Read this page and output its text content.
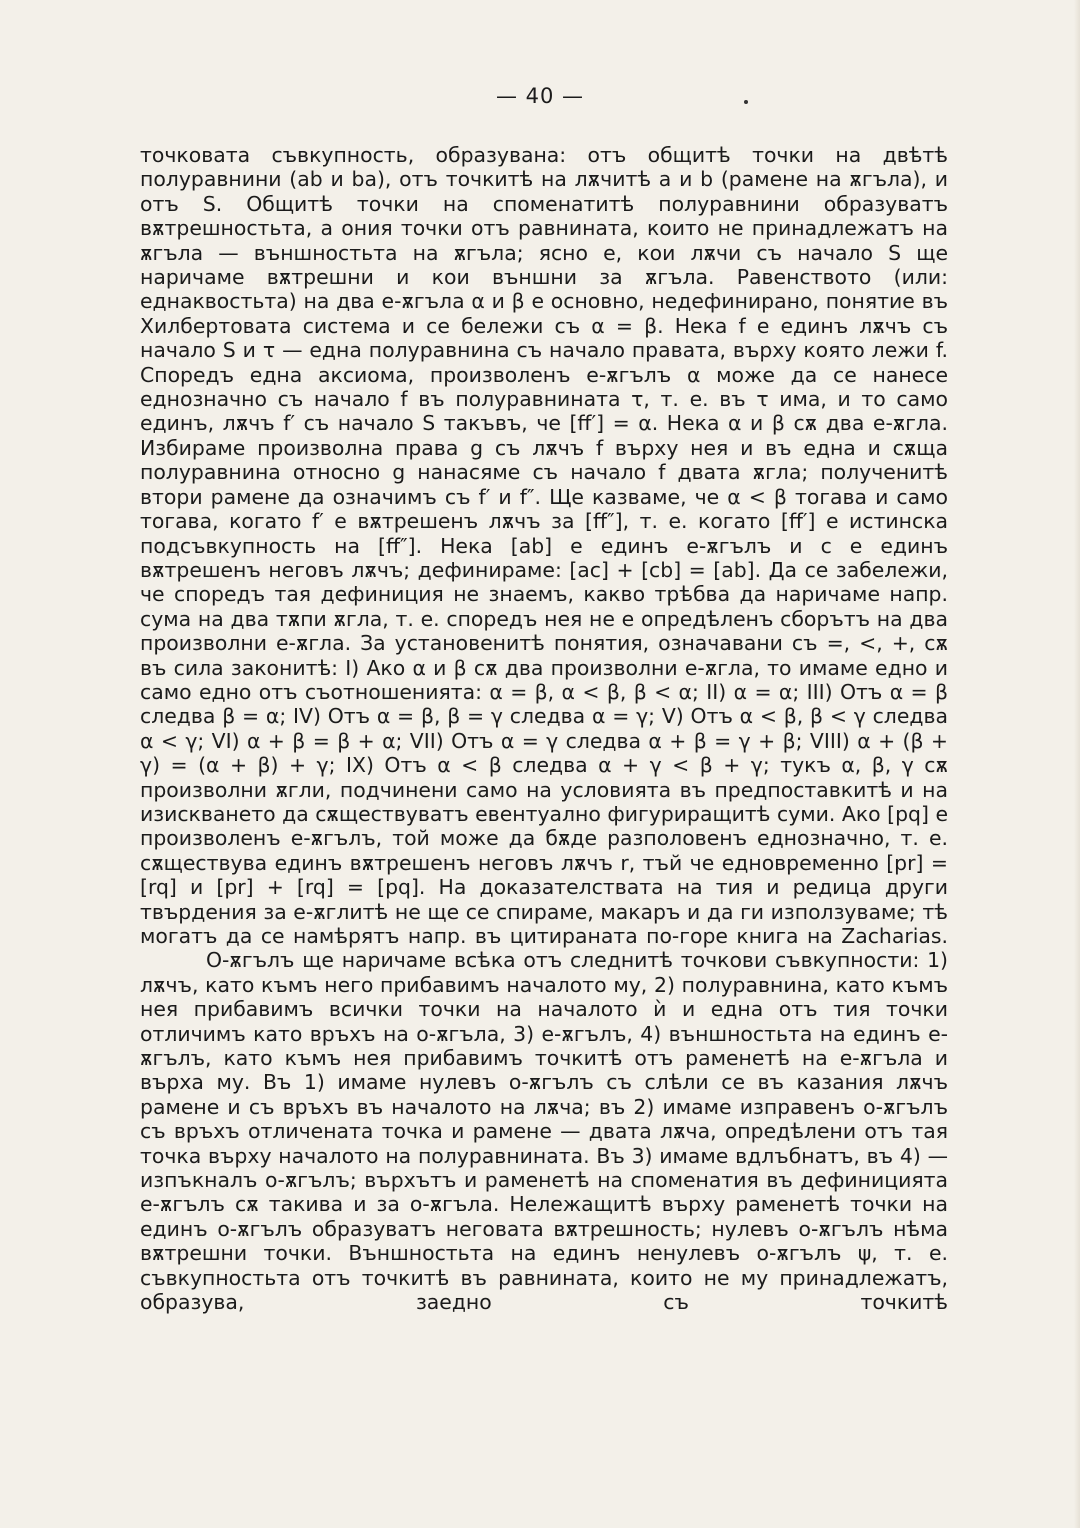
— 40 —

точковата съвкупность, образувана: отъ общитѣ точки на двѣтѣ полуравнини (ab и ba), отъ точкитѣ на лѫчитѣ a и b (рамене на ѫгъла), и отъ S. Общитѣ точки на споменатитѣ полуравнини образуватъ вѫтрешностьта, а ония точки отъ равнината, които не принадлежатъ на ѫгъла — външностьта на ѫгъла; ясно е, кои лѫчи съ начало S ще наричаме вѫтрешни и кои външни за ѫгъла. Равенството (или: еднаквостьта) на два е-ѫгъла α и β е основно, недефинирано, понятие въ Хилбертовата система и се бележи съ α = β. Нека f е единъ лѫчъ съ начало S и τ — една полуравнина съ начало правата, върху която лежи f. Споредъ една аксиома, произволенъ е-ѫгълъ α може да се нанесе еднозначно съ начало f въ полуравнината τ, т. е. въ τ има, и то само единъ, лѫчъ f′ съ начало S такъвъ, че [ff′] = α. Нека α и β сѫ два е-ѫгла. Избираме произволна права g съ лѫчъ f върху нея и въ една и сѫща полуравнина относно g нанасяме съ начало f двата ѫгла; полученитѣ втори рамене да означимъ съ f′ и f″. Ще казваме, че α < β тогава и само тогава, когато f′ е вѫтрешенъ лѫчъ за [ff″], т. е. когато [ff′] е истинска подсъвкупность на [ff″]. Нека [ab] е единъ е-ѫгълъ и c е единъ вѫтрешенъ неговъ лѫчъ; дефинираме: [ac] + [cb] = [ab]. Да се забележи, че споредъ тая дефиниция не знаемъ, какво трѣбва да наричаме напр. сума на два тѫпи ѫгла, т. е. споредъ нея не е опредѣленъ сборътъ на два произволни е-ѫгла. За установенитѣ понятия, означавани съ =, <, +, сѫ въ сила законитѣ: I) Ако α и β сѫ два произволни е-ѫгла, то имаме едно и само едно отъ съотношенията: α = β, α < β, β < α; II) α = α; III) Отъ α = β следва β = α; IV) Отъ α = β, β = γ следва α = γ; V) Отъ α < β, β < γ следва α < γ; VI) α + β = β + α; VII) Отъ α = γ следва α + β = γ + β; VIII) α + (β + γ) = (α + β) + γ; IX) Отъ α < β следва α + γ < β + γ; тукъ α, β, γ сѫ произволни ѫгли, подчинени само на условията въ предпоставкитѣ и на изискването да сѫществуватъ евентуално фигуриращитѣ суми. Ако [pq] е произволенъ е-ѫгълъ, той може да бѫде разполовенъ еднозначно, т. е. сѫществува единъ вѫтрешенъ неговъ лѫчъ r, тъй че едновременно [pr] = [rq] и [pr] + [rq] = [pq]. На доказателствата на тия и редица други твърдения за е-ѫглитѣ не ще се спираме, макаръ и да ги използуваме; тѣ могатъ да се намѣрятъ напр. въ цитираната по-горе книга на Zacharias.

О-ѫгълъ ще наричаме всѣка отъ следнитѣ точкови съвкупности: 1) лѫчъ, като къмъ него прибавимъ началото му, 2) полуравнина, като къмъ нея прибавимъ всички точки на началото ѝ и една отъ тия точки отличимъ като връхъ на о-ѫгъла, 3) е-ѫгълъ, 4) външностьта на единъ е-ѫгълъ, като къмъ нея прибавимъ точкитѣ отъ раменетѣ на е-ѫгъла и върха му. Въ 1) имаме нулевъ о-ѫгълъ съ слѣли се въ казания лѫчъ рамене и съ връхъ въ началото на лѫча; въ 2) имаме изправенъ о-ѫгълъ съ връхъ отличената точка и рамене — двата лѫча, опредѣлени отъ тая точка върху началото на полуравнината. Въ 3) имаме вдлъбнатъ, въ 4) — изпъкналъ о-ѫгълъ; върхътъ и раменетѣ на споменатия въ дефиницията е-ѫгълъ сѫ такива и за о-ѫгъла. Нележащитѣ върху раменетѣ точки на единъ о-ѫгълъ образуватъ неговата вѫтрешность; нулевъ о-ѫгълъ нѣма вѫтрешни точки. Външностьта на единъ ненулевъ о-ѫгълъ ψ, т. е. съвкупностьта отъ точкитѣ въ равнината, които не му принадлежатъ, образува, заедно съ точкитѣ
